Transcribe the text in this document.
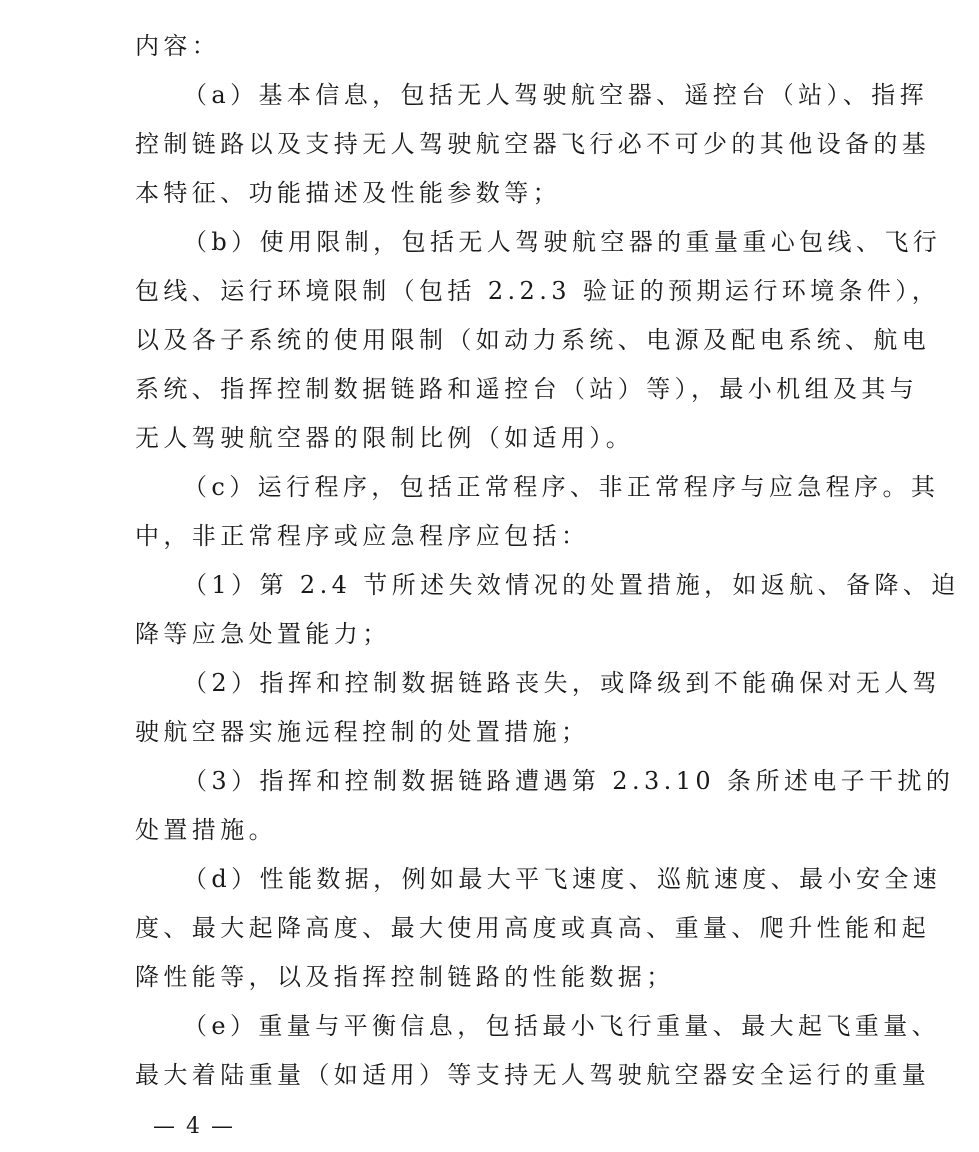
内容：
（a）基本信息，包括无人驾驶航空器、遥控台（站）、指挥
控制链路以及支持无人驾驶航空器飞行必不可少的其他设备的基
本特征、功能描述及性能参数等；
（b）使用限制，包括无人驾驶航空器的重量重心包线、飞行
包线、运行环境限制（包括 2.2.3 验证的预期运行环境条件），
以及各子系统的使用限制（如动力系统、电源及配电系统、航电
系统、指挥控制数据链路和遥控台（站）等），最小机组及其与
无人驾驶航空器的限制比例（如适用）。
（c）运行程序，包括正常程序、非正常程序与应急程序。其
中，非正常程序或应急程序应包括：
（1）第 2.4 节所述失效情况的处置措施，如返航、备降、迫
降等应急处置能力；
（2）指挥和控制数据链路丧失，或降级到不能确保对无人驾
驶航空器实施远程控制的处置措施；
（3）指挥和控制数据链路遭遇第 2.3.10 条所述电子干扰的
处置措施。
（d）性能数据，例如最大平飞速度、巡航速度、最小安全速
度、最大起降高度、最大使用高度或真高、重量、爬升性能和起
降性能等，以及指挥控制链路的性能数据；
（e）重量与平衡信息，包括最小飞行重量、最大起飞重量、
最大着陆重量（如适用）等支持无人驾驶航空器安全运行的重量
— 4 —
